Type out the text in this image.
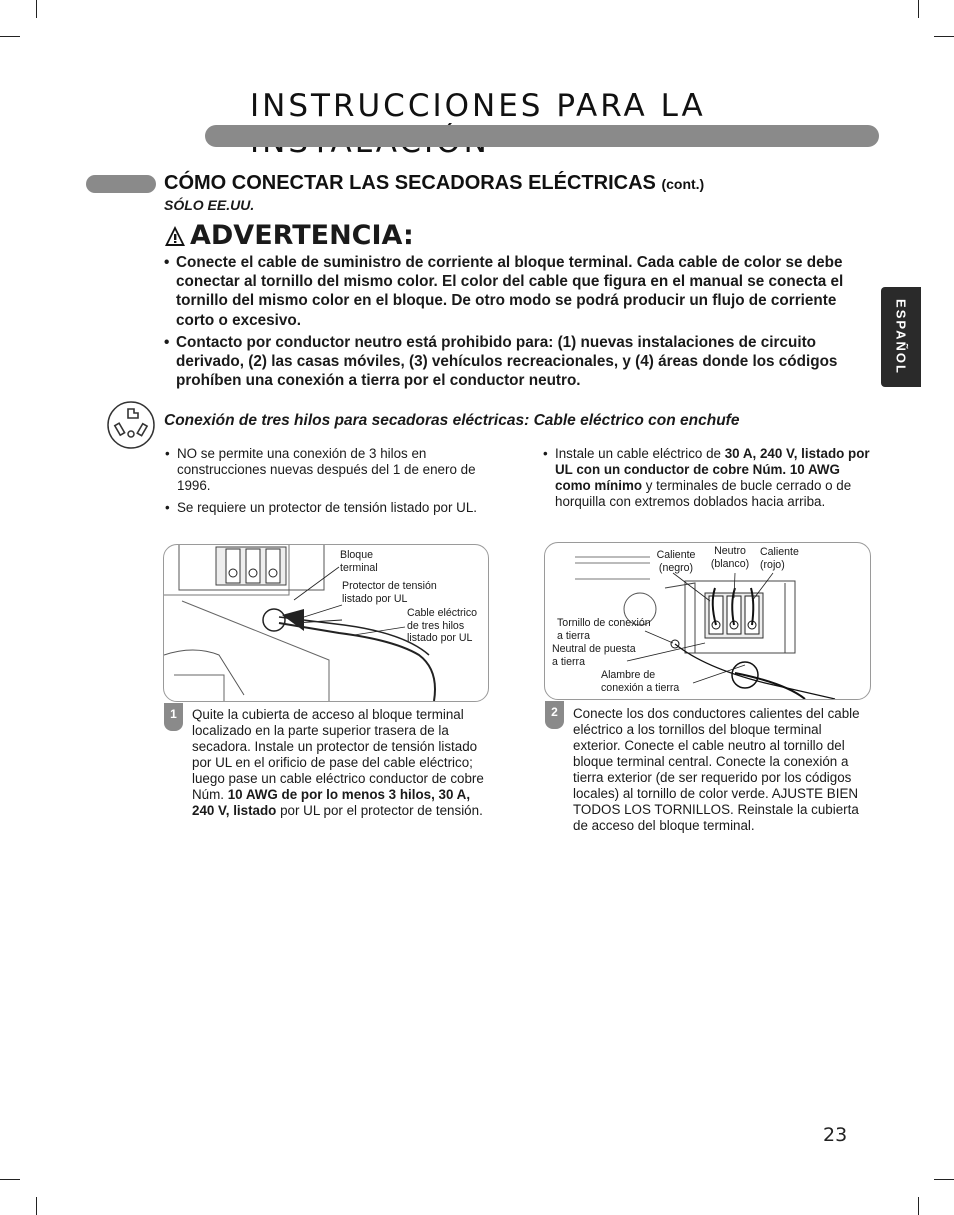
INSTRUCCIONES PARA LA
CÓMO CONECTAR LAS SECADORAS ELÉCTRICAS (cont.)
SÓLO EE.UU.
ADVERTENCIA:
• Conecte el cable de suministro de corriente al bloque terminal. Cada cable de color se debe conectar al tornillo del mismo color. El color del cable que figura en el manual se conecta el tornillo del mismo color en el bloque. De otro modo se podrá producir un flujo de corriente corto o excesivo.
• Contacto por conductor neutro está prohibido para: (1) nuevas instalaciones de circuito derivado, (2) las casas móviles, (3) vehículos recreacionales, y (4) áreas donde los códigos prohíben una conexión a tierra por el conductor neutro.
ESPAÑOL
Conexión de tres hilos para secadoras eléctricas: Cable eléctrico con enchufe
• NO se permite una conexión de 3 hilos en construcciones nuevas después del 1 de enero de 1996.
• Se requiere un protector de tensión listado por UL.
• Instale un cable eléctrico de 30 A, 240 V, listado por UL con un conductor de cobre Núm. 10 AWG como mínimo y terminales de bucle cerrado o de horquilla con extremos doblados hacia arriba.
Bloque terminal
Protector de tensión listado por UL
Cable eléctrico de tres hilos listado por UL
Caliente (negro)
Neutro (blanco)
Caliente (rojo)
Tornillo de conexión a tierra
Neutral de puesta a tierra
Alambre de conexión a tierra
1	Quite la cubierta de acceso al bloque terminal localizado en la parte superior trasera de la secadora. Instale un protector de tensión listado por UL en el orificio de pase del cable eléctrico; luego pase un cable eléctrico conductor de cobre Núm. 10 AWG de por lo menos 3 hilos, 30 A, 240 V, listado por UL por el protector de tensión.
2	Conecte los dos conductores calientes del cable eléctrico a los tornillos del bloque terminal exterior. Conecte el cable neutro al tornillo del bloque terminal central. Conecte la conexión a tierra exterior (de ser requerido por los códigos locales) al tornillo de color verde. AJUSTE BIEN TODOS LOS TORNILLOS. Reinstale la cubierta de acceso del bloque terminal.
23
